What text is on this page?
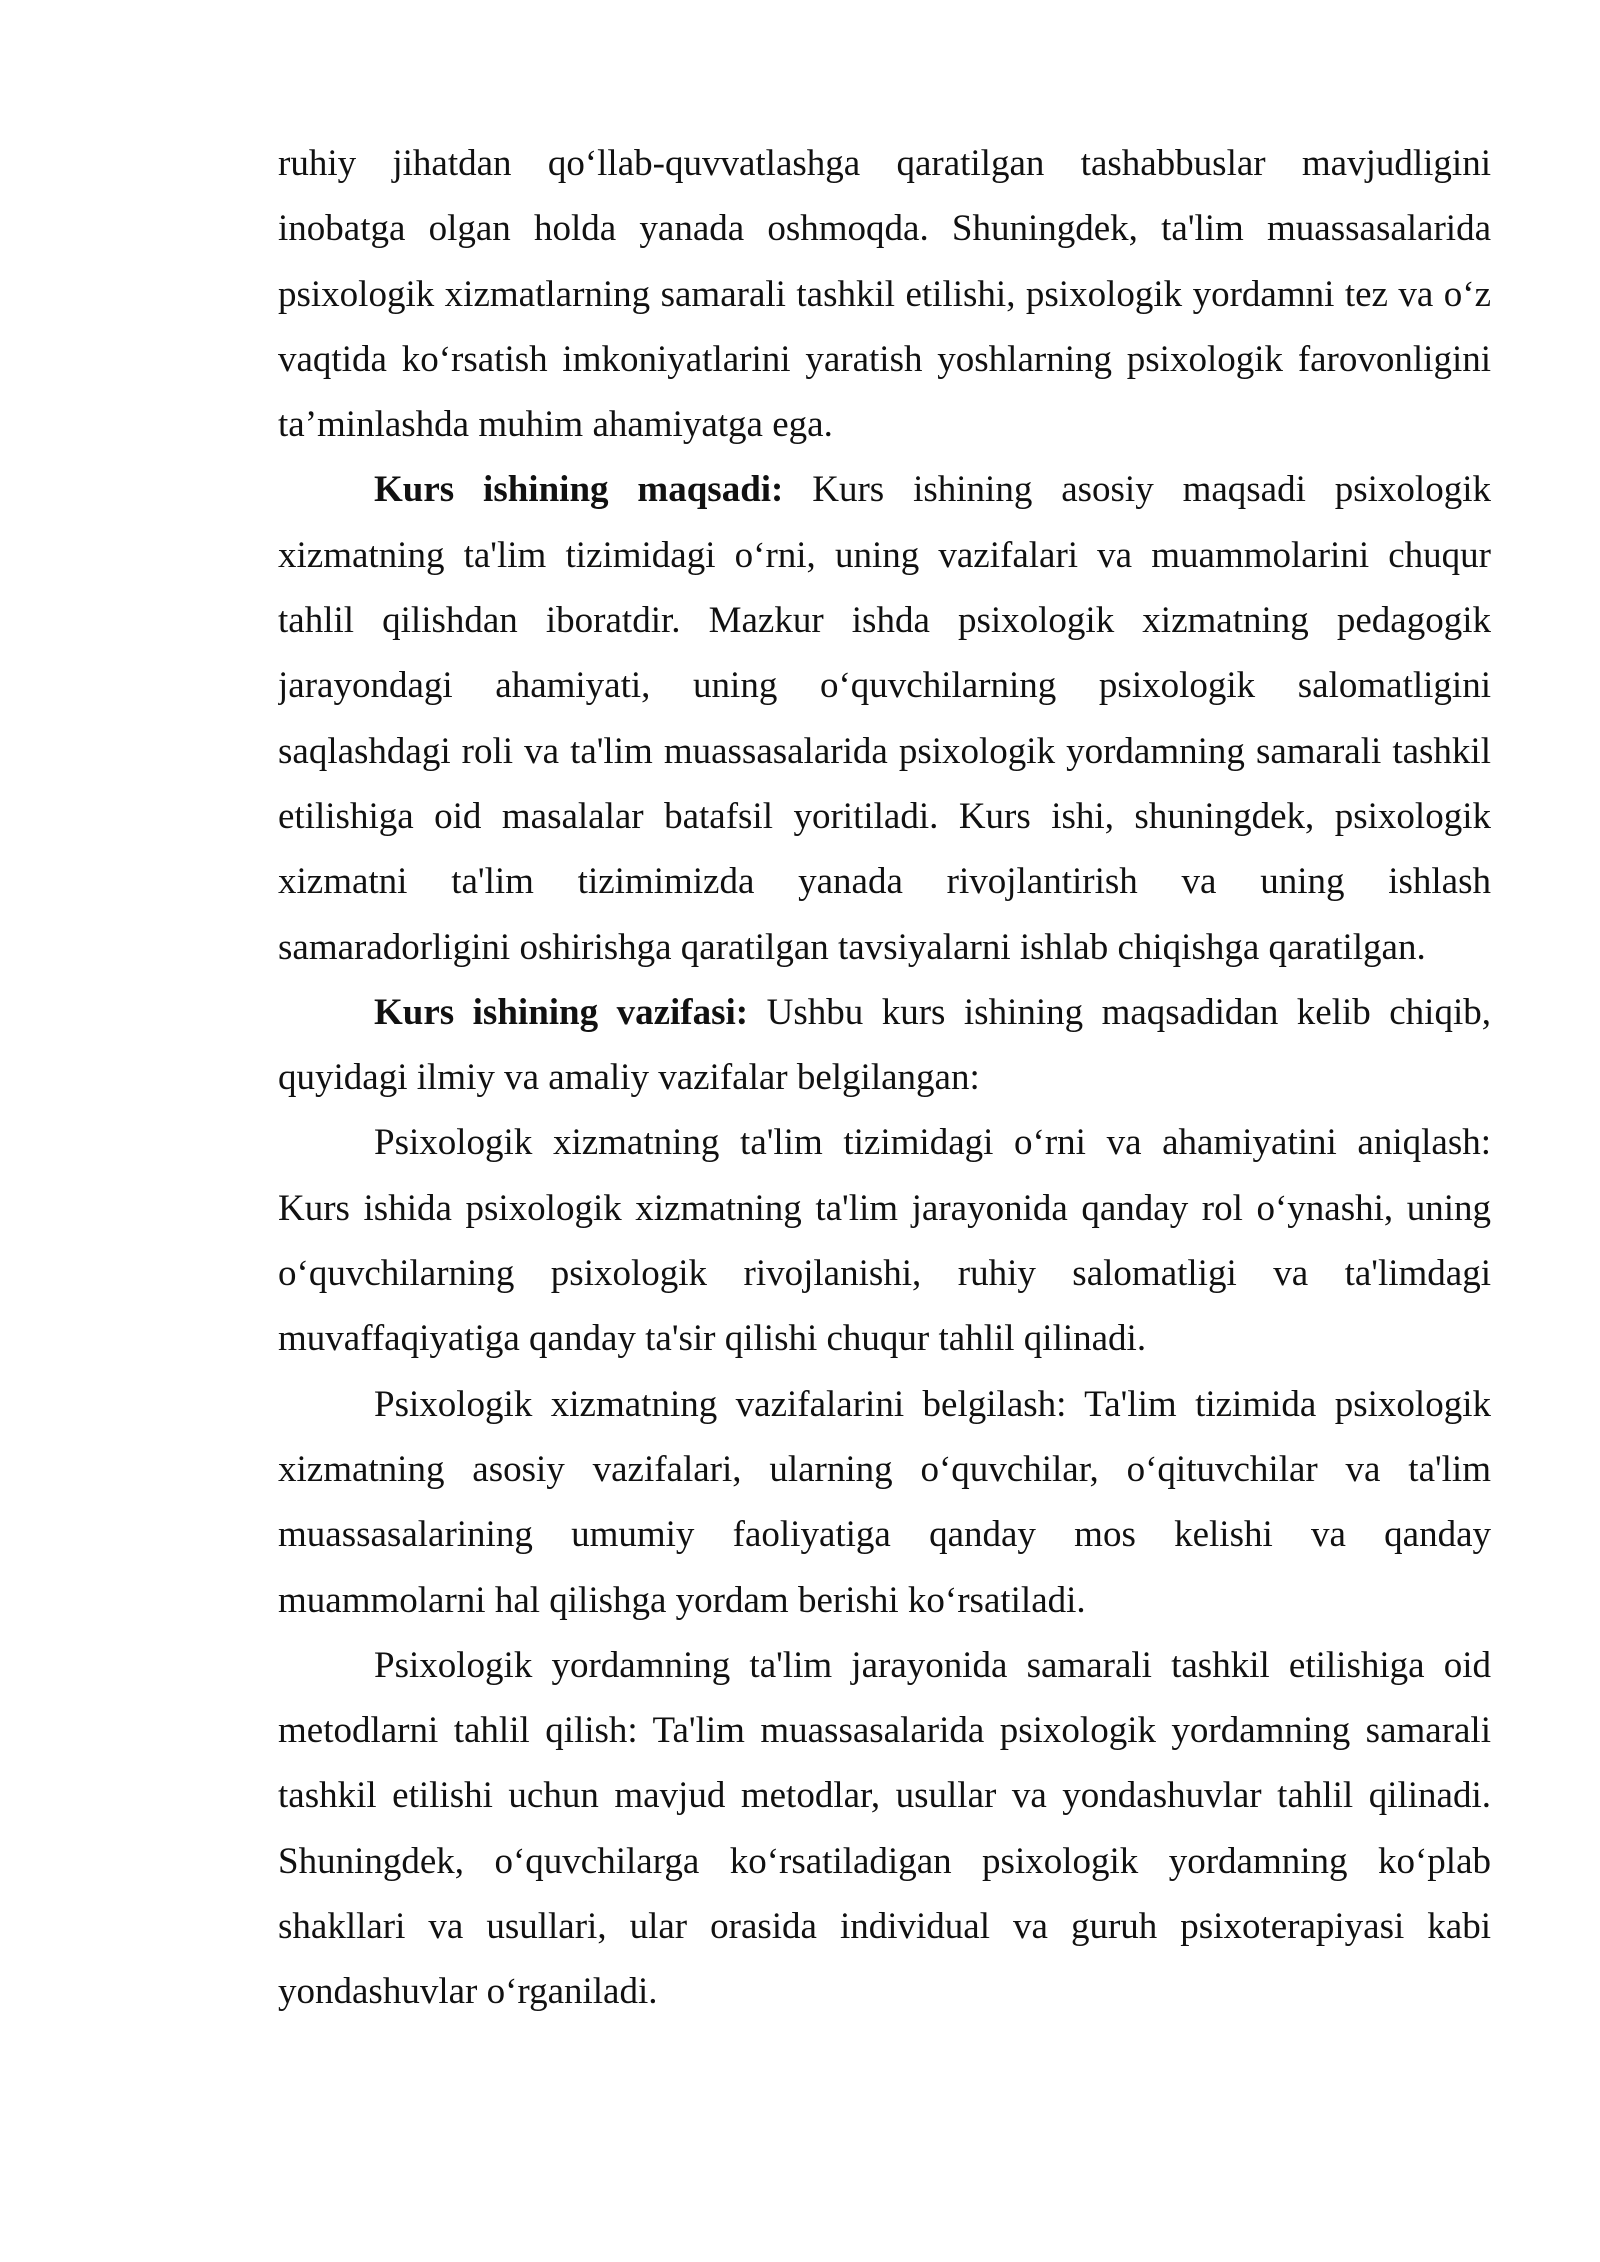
ruhiy jihatdan qo‘llab-quvvatlashga qaratilgan tashabbuslar mavjudligini
inobatga olgan holda yanada oshmoqda. Shuningdek, ta'lim muassasalarida
psixologik xizmatlarning samarali tashkil etilishi, psixologik yordamni tez va o‘z
vaqtida ko‘rsatish imkoniyatlarini yaratish yoshlarning psixologik farovonligini
ta’minlashda muhim ahamiyatga ega.
Kurs ishining maqsadi: Kurs ishining asosiy maqsadi psixologik
xizmatning ta'lim tizimidagi o‘rni, uning vazifalari va muammolarini chuqur
tahlil qilishdan iboratdir. Mazkur ishda psixologik xizmatning pedagogik
jarayondagi ahamiyati, uning o‘quvchilarning psixologik salomatligini
saqlashdagi roli va ta'lim muassasalarida psixologik yordamning samarali tashkil
etilishiga oid masalalar batafsil yoritiladi. Kurs ishi, shuningdek, psixologik
xizmatni ta'lim tizimimizda yanada rivojlantirish va uning ishlash
samaradorligini oshirishga qaratilgan tavsiyalarni ishlab chiqishga qaratilgan.
Kurs ishining vazifasi: Ushbu kurs ishining maqsadidan kelib chiqib,
quyidagi ilmiy va amaliy vazifalar belgilangan:
Psixologik xizmatning ta'lim tizimidagi o‘rni va ahamiyatini aniqlash:
Kurs ishida psixologik xizmatning ta'lim jarayonida qanday rol o‘ynashi, uning
o‘quvchilarning psixologik rivojlanishi, ruhiy salomatligi va ta'limdagi
muvaffaqiyatiga qanday ta'sir qilishi chuqur tahlil qilinadi.
Psixologik xizmatning vazifalarini belgilash: Ta'lim tizimida psixologik
xizmatning asosiy vazifalari, ularning o‘quvchilar, o‘qituvchilar va ta'lim
muassasalarining umumiy faoliyatiga qanday mos kelishi va qanday
muammolarni hal qilishga yordam berishi ko‘rsatiladi.
Psixologik yordamning ta'lim jarayonida samarali tashkil etilishiga oid
metodlarni tahlil qilish: Ta'lim muassasalarida psixologik yordamning samarali
tashkil etilishi uchun mavjud metodlar, usullar va yondashuvlar tahlil qilinadi.
Shuningdek, o‘quvchilarga ko‘rsatiladigan psixologik yordamning ko‘plab
shakllari va usullari, ular orasida individual va guruh psixoterapiyasi kabi
yondashuvlar o‘rganiladi.
